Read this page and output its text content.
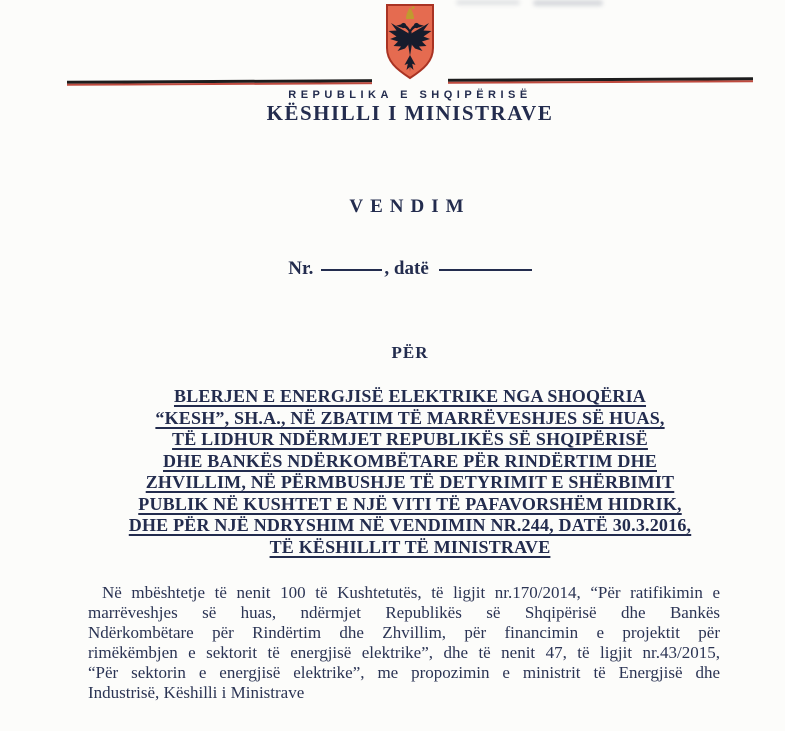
REPUBLIKA E SHQIPËRISË
KËSHILLI I MINISTRAVE
VENDIM
Nr.	, datë
PËR
BLERJEN E ENERGJISË ELEKTRIKE NGA SHOQËRIA
“KESH”, SH.A., NË ZBATIM TË MARRËVESHJES SË HUAS,
TË LIDHUR NDËRMJET REPUBLIKËS SË SHQIPËRISË
DHE BANKËS NDËRKOMBËTARE PËR RINDËRTIM DHE
ZHVILLIM, NË PËRMBUSHJE TË DETYRIMIT E SHËRBIMIT
PUBLIK NË KUSHTET E NJË VITI TË PAFAVORSHËM HIDRIK,
DHE PËR NJË NDRYSHIM NË VENDIMIN NR.244, DATË 30.3.2016,
TË KËSHILLIT TË MINISTRAVE
Në mbështetje të nenit 100 të Kushtetutës, të ligjit nr.170/2014, “Për ratifikimin e
marrëveshjes së huas, ndërmjet Republikës së Shqipërisë dhe Bankës
Ndërkombëtare për Rindërtim dhe Zhvillim, për financimin e projektit për
rimëkëmbjen e sektorit të energjisë elektrike”, dhe të nenit 47, të ligjit nr.43/2015,
“Për sektorin e energjisë elektrike”, me propozimin e ministrit të Energjisë dhe
Industrisë, Këshilli i Ministrave
